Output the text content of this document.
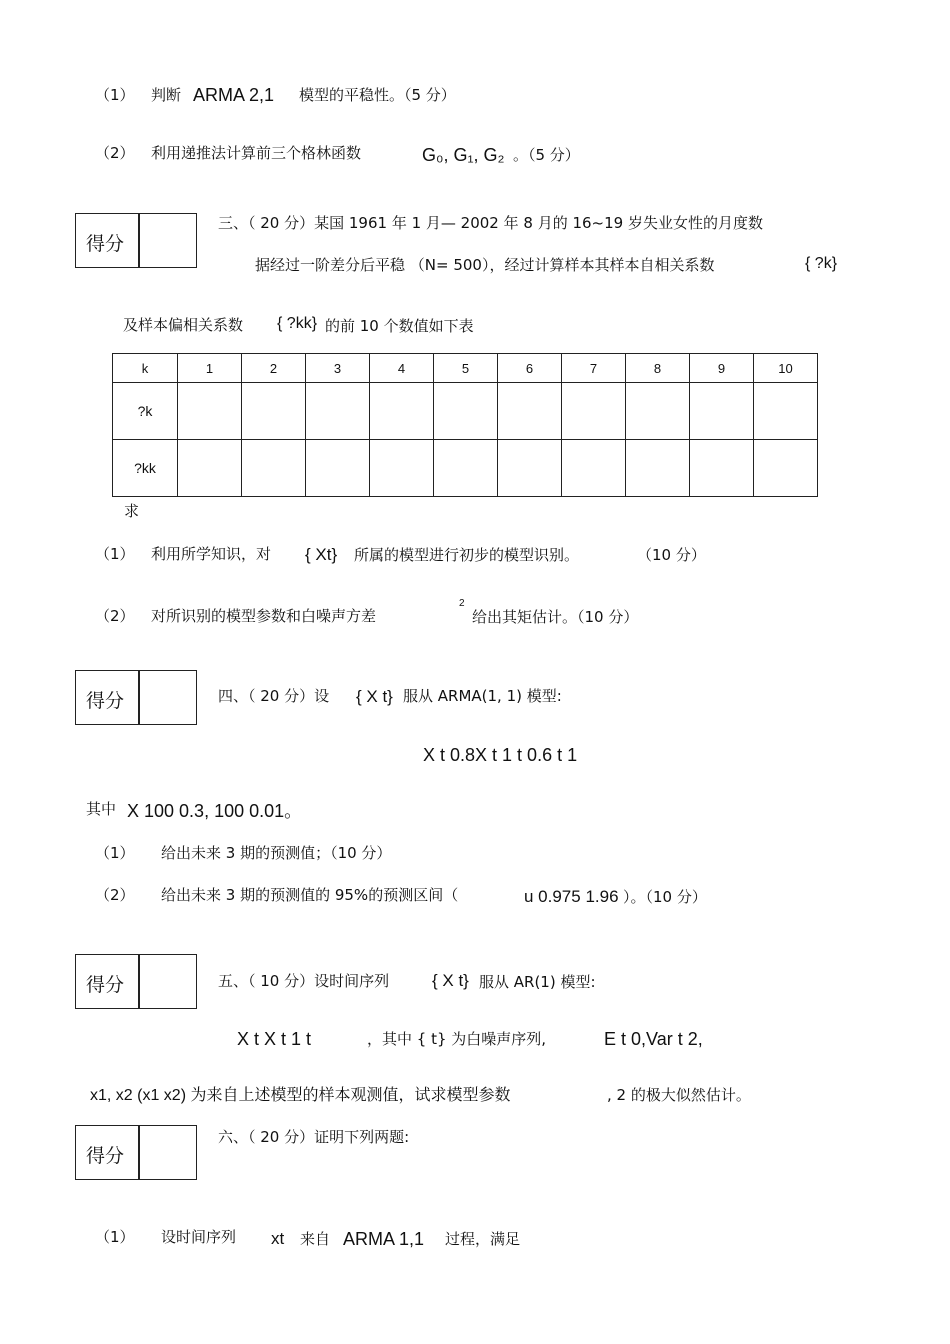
（1） 判断 ARMA 2,1 模型的平稳性。（5 分）
（2） 利用递推法计算前三个格林函数	G₀, G₁, G₂ 。（5 分）
得分
三、（ 20 分）某国 1961 年 1 月— 2002 年 8 月的 16~19 岁失业女性的月度数
据经过一阶差分后平稳 （N= 500），经过计算样本其样本自相关系数	{ ?k}
及样本偏相关系数 { ?kk} 的前 10 个数值如下表
k	1	2	3	4	5	6	7	8	9	10
?k										
?kk										
求
（1） 利用所学知识，对 { Xt} 所属的模型进行初步的模型识别。	（10 分）
（2） 对所识别的模型参数和白噪声方差
2
给出其矩估计。（10 分）
得分	四、（ 20 分）设 { X t} 服从 ARMA(1, 1) 模型:
X t 0.8X t 1 t 0.6 t 1
其中 X 100 0.3, 100 0.01。
（1） 给出未来 3 期的预测值；（10 分）
（2） 给出未来 3 期的预测值的 95%的预测区间（	u 0.975 1.96 ）。（10 分）
得分	五、（ 10 分）设时间序列	{ X t} 服从 AR(1) 模型:
X t X t 1 t	，其中 { t} 为白噪声序列,	E t 0,Var t 2,
x1, x2 (x1 x2) 为来自上述模型的样本观测值，试求模型参数	, 2 的极大似然估计。
得分
六、（ 20 分）证明下列两题:
（1） 设时间序列 xt 来自 ARMA 1,1 过程，满足
